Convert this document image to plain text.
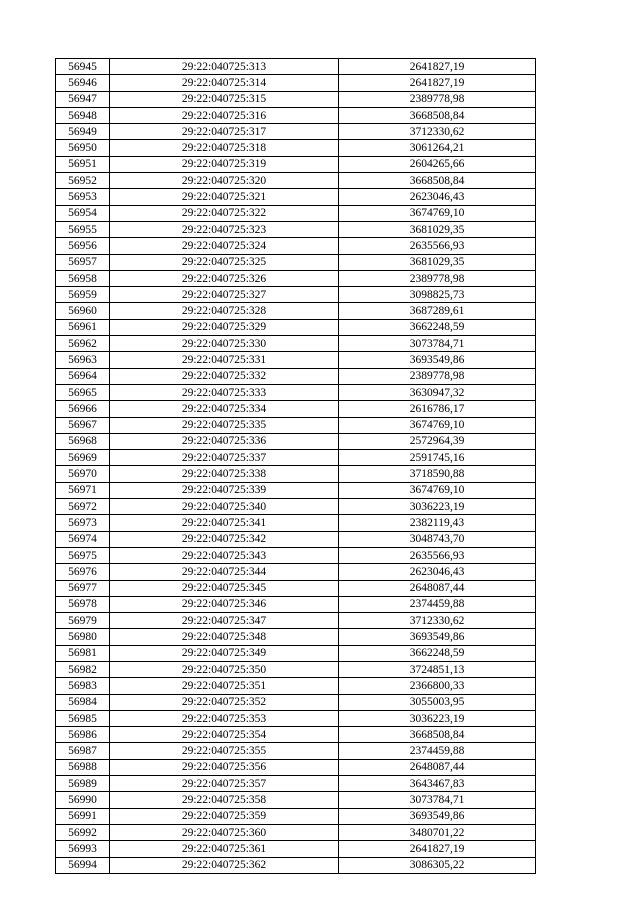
56945	29:22:040725:313	2641827,19
56946	29:22:040725:314	2641827,19
56947	29:22:040725:315	2389778,98
56948	29:22:040725:316	3668508,84
56949	29:22:040725:317	3712330,62
56950	29:22:040725:318	3061264,21
56951	29:22:040725:319	2604265,66
56952	29:22:040725:320	3668508,84
56953	29:22:040725:321	2623046,43
56954	29:22:040725:322	3674769,10
56955	29:22:040725:323	3681029,35
56956	29:22:040725:324	2635566,93
56957	29:22:040725:325	3681029,35
56958	29:22:040725:326	2389778,98
56959	29:22:040725:327	3098825,73
56960	29:22:040725:328	3687289,61
56961	29:22:040725:329	3662248,59
56962	29:22:040725:330	3073784,71
56963	29:22:040725:331	3693549,86
56964	29:22:040725:332	2389778,98
56965	29:22:040725:333	3630947,32
56966	29:22:040725:334	2616786,17
56967	29:22:040725:335	3674769,10
56968	29:22:040725:336	2572964,39
56969	29:22:040725:337	2591745,16
56970	29:22:040725:338	3718590,88
56971	29:22:040725:339	3674769,10
56972	29:22:040725:340	3036223,19
56973	29:22:040725:341	2382119,43
56974	29:22:040725:342	3048743,70
56975	29:22:040725:343	2635566,93
56976	29:22:040725:344	2623046,43
56977	29:22:040725:345	2648087,44
56978	29:22:040725:346	2374459,88
56979	29:22:040725:347	3712330,62
56980	29:22:040725:348	3693549,86
56981	29:22:040725:349	3662248,59
56982	29:22:040725:350	3724851,13
56983	29:22:040725:351	2366800,33
56984	29:22:040725:352	3055003,95
56985	29:22:040725:353	3036223,19
56986	29:22:040725:354	3668508,84
56987	29:22:040725:355	2374459,88
56988	29:22:040725:356	2648087,44
56989	29:22:040725:357	3643467,83
56990	29:22:040725:358	3073784,71
56991	29:22:040725:359	3693549,86
56992	29:22:040725:360	3480701,22
56993	29:22:040725:361	2641827,19
56994	29:22:040725:362	3086305,22
